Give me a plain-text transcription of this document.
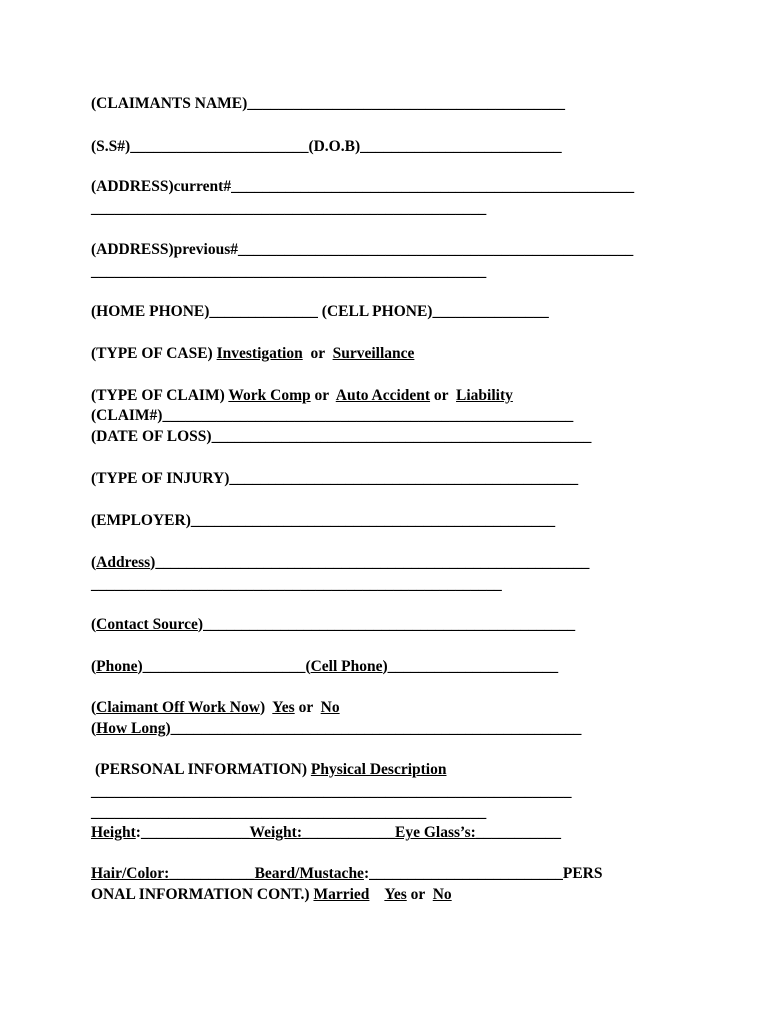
(CLAIMANTS NAME)_________________________________________
(S.S#)_______________________(D.O.B)__________________________
(ADDRESS)current#____________________________________________________
___________________________________________________
(ADDRESS)previous#___________________________________________________
___________________________________________________
(HOME PHONE)______________ (CELL PHONE)_______________
(TYPE OF CASE) Investigation or Surveillance
(TYPE OF CLAIM) Work Comp or Auto Accident or Liability
(CLAIM#)_____________________________________________________
(DATE OF LOSS)_________________________________________________
(TYPE OF INJURY)_____________________________________________
(EMPLOYER)_______________________________________________
(Address)________________________________________________________
_____________________________________________________
(Contact Source)________________________________________________
(Phone)_____________________(Cell Phone)______________________
(Claimant Off Work Now) Yes or No
(How Long)_____________________________________________________
(PERSONAL INFORMATION) Physical Description
______________________________________________________________
___________________________________________________
Height:______________Weight:____________Eye Glass’s:___________
Hair/Color:___________Beard/Mustache:_________________________PERS
ONAL INFORMATION CONT.) Married Yes or No
